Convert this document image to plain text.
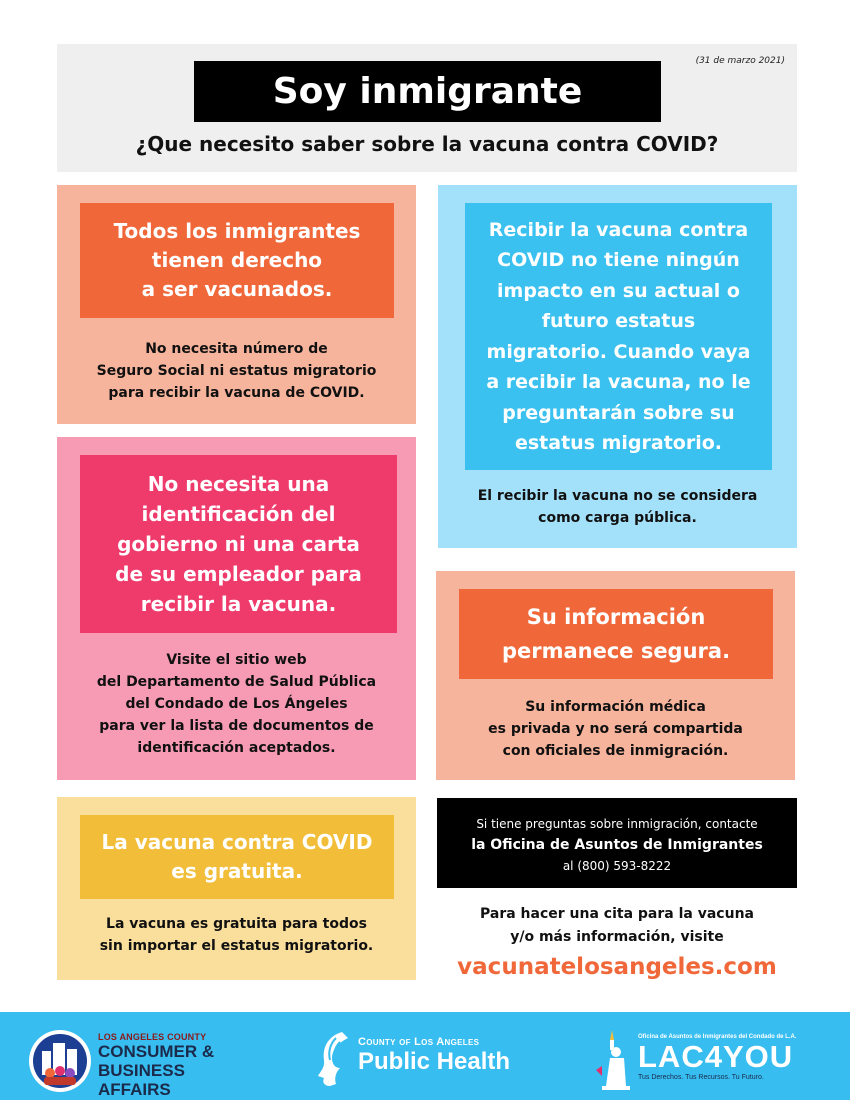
(31 de marzo 2021)
Soy inmigrante
¿Que necesito saber sobre la vacuna contra COVID?
Todos los inmigrantes
tienen derecho
a ser vacunados.
No necesita número de
Seguro Social ni estatus migratorio
para recibir la vacuna de COVID.
Recibir la vacuna contra
COVID no tiene ningún
impacto en su actual o
futuro estatus
migratorio. Cuando vaya
a recibir la vacuna, no le
preguntarán sobre su
estatus migratorio.
El recibir la vacuna no se considera
como carga pública.
No necesita una
identificación del
gobierno ni una carta
de su empleador para
recibir la vacuna.
Visite el sitio web
del Departamento de Salud Pública
del Condado de Los Ángeles
para ver la lista de documentos de
identificación aceptados.
Su información
permanece segura.
Su información médica
es privada y no será compartida
con oficiales de inmigración.
La vacuna contra COVID
es gratuita.
La vacuna es gratuita para todos
sin importar el estatus migratorio.
Si tiene preguntas sobre inmigración, contacte
la Oficina de Asuntos de Inmigrantes
al (800) 593-8222
Para hacer una cita para la vacuna
y/o más información, visite
vacunatelosangeles.com
LOS ANGELES COUNTY
CONSUMER &
BUSINESS AFFAIRS
County of Los Angeles
Public Health
Oficina de Asuntos de Inmigrantes del Condado de L.A.
LAC4YOU
Tus Derechos. Tus Recursos. Tu Futuro.
